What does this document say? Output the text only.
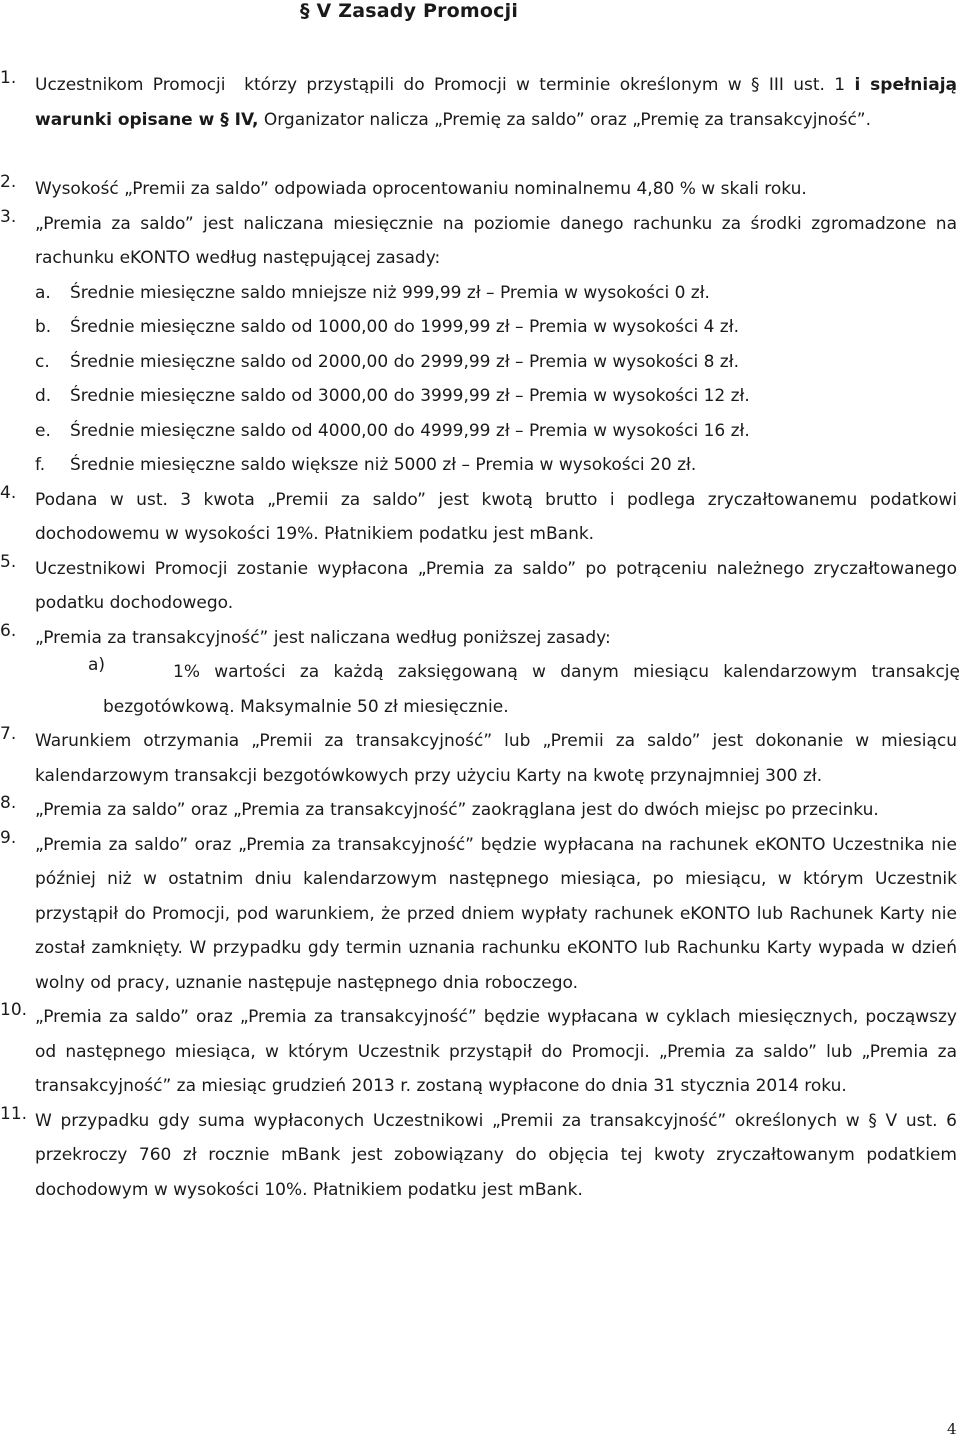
§ V Zasady Promocji
1. Uczestnikom Promocji  którzy przystąpili do Promocji w terminie określonym w § III ust. 1 i spełniają warunki opisane w § IV, Organizator nalicza „Premię za saldo” oraz „Premię za transakcyjność”.

2. Wysokość „Premii za saldo” odpowiada oprocentowaniu nominalnemu 4,80 % w skali roku.

3. „Premia za saldo” jest naliczana miesięcznie na poziomie danego rachunku za środki zgromadzone na rachunku eKONTO według następującej zasady:

a. Średnie miesięczne saldo mniejsze niż 999,99 zł – Premia w wysokości 0 zł.
b. Średnie miesięczne saldo od 1000,00 do 1999,99 zł – Premia w wysokości 4 zł.
c. Średnie miesięczne saldo od 2000,00 do 2999,99 zł – Premia w wysokości 8 zł.
d. Średnie miesięczne saldo od 3000,00 do 3999,99 zł – Premia w wysokości 12 zł.
e. Średnie miesięczne saldo od 4000,00 do 4999,99 zł – Premia w wysokości 16 zł.
f. Średnie miesięczne saldo większe niż 5000 zł – Premia w wysokości 20 zł.
4. Podana w ust. 3 kwota „Premii za saldo” jest kwotą brutto i podlega zryczałtowanemu podatkowi dochodowemu w wysokości 19%. Płatnikiem podatku jest mBank.

5. Uczestnikowi Promocji zostanie wypłacona „Premia za saldo” po potrąceniu należnego zryczałtowanego podatku dochodowego.

6. „Premia za transakcyjność” jest naliczana według poniższej zasady:

a)	1% wartości za każdą zaksięgowaną w danym miesiącu kalendarzowym transakcję bezgotówkową. Maksymalnie 50 zł miesięcznie.

7. Warunkiem otrzymania „Premii za transakcyjność” lub „Premii za saldo” jest dokonanie w miesiącu kalendarzowym transakcji bezgotówkowych przy użyciu Karty na kwotę przynajmniej 300 zł.

8. „Premia za saldo” oraz „Premia za transakcyjność” zaokrąglana jest do dwóch miejsc po przecinku.

9. „Premia za saldo” oraz „Premia za transakcyjność” będzie wypłacana na rachunek eKONTO Uczestnika nie później niż w ostatnim dniu kalendarzowym następnego miesiąca, po miesiącu, w którym Uczestnik przystąpił do Promocji, pod warunkiem, że przed dniem wypłaty rachunek eKONTO lub Rachunek Karty nie został zamknięty. W przypadku gdy termin uznania rachunku eKONTO lub Rachunku Karty wypada w dzień wolny od pracy, uznanie następuje następnego dnia roboczego.

10. „Premia za saldo” oraz „Premia za transakcyjność” będzie wypłacana w cyklach miesięcznych, począwszy od następnego miesiąca, w którym Uczestnik przystąpił do Promocji. „Premia za saldo” lub „Premia za transakcyjność” za miesiąc grudzień 2013 r. zostaną wypłacone do dnia 31 stycznia 2014 roku.

11. W przypadku gdy suma wypłaconych Uczestnikowi „Premii za transakcyjność” określonych w § V ust. 6 przekroczy 760 zł rocznie mBank jest zobowiązany do objęcia tej kwoty zryczałtowanym podatkiem dochodowym w wysokości 10%. Płatnikiem podatku jest mBank.

4
